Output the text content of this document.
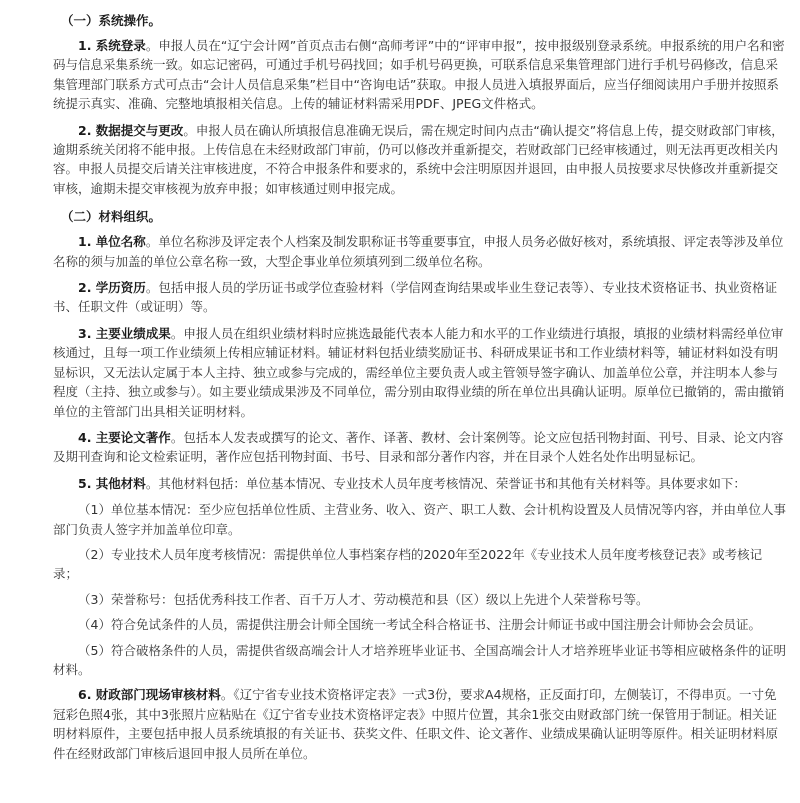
（一）系统操作。

1. 系统登录。申报人员在“辽宁会计网”首页点击右侧“高师考评”中的“评审申报”，按申报级别登录系统。申报系统的用户名和密码与信息采集系统一致。如忘记密码，可通过手机号码找回；如手机号码更换，可联系信息采集管理部门进行手机号码修改，信息采集管理部门联系方式可点击“会计人员信息采集”栏目中“咨询电话”获取。申报人员进入填报界面后，应当仔细阅读用户手册并按照系统提示真实、准确、完整地填报相关信息。上传的辅证材料需采用PDF、JPEG文件格式。

2. 数据提交与更改。申报人员在确认所填报信息准确无误后，需在规定时间内点击“确认提交”将信息上传，提交财政部门审核，逾期系统关闭将不能申报。上传信息在未经财政部门审前，仍可以修改并重新提交，若财政部门已经审核通过，则无法再更改相关内容。申报人员提交后请关注审核进度，不符合申报条件和要求的，系统中会注明原因并退回，由申报人员按要求尽快修改并重新提交审核，逾期未提交审核视为放弃申报；如审核通过则申报完成。

（二）材料组织。

1. 单位名称。单位名称涉及评定表个人档案及制发职称证书等重要事宜，申报人员务必做好核对，系统填报、评定表等涉及单位名称的须与加盖的单位公章名称一致，大型企事业单位须填列到二级单位名称。

2. 学历资历。包括申报人员的学历证书或学位查验材料（学信网查询结果或毕业生登记表等）、专业技术资格证书、执业资格证书、任职文件（或证明）等。

3. 主要业绩成果。申报人员在组织业绩材料时应挑选最能代表本人能力和水平的工作业绩进行填报，填报的业绩材料需经单位审核通过，且每一项工作业绩须上传相应辅证材料。辅证材料包括业绩奖励证书、科研成果证书和工作业绩材料等，辅证材料如没有明显标识，又无法认定属于本人主持、独立或参与完成的，需经单位主要负责人或主管领导签字确认、加盖单位公章，并注明本人参与程度（主持、独立或参与）。如主要业绩成果涉及不同单位，需分别由取得业绩的所在单位出具确认证明。原单位已撤销的，需由撤销单位的主管部门出具相关证明材料。

4. 主要论文著作。包括本人发表或撰写的论文、著作、译著、教材、会计案例等。论文应包括刊物封面、刊号、目录、论文内容及期刊查询和论文检索证明，著作应包括刊物封面、书号、目录和部分著作内容，并在目录个人姓名处作出明显标记。

5. 其他材料。其他材料包括：单位基本情况、专业技术人员年度考核情况、荣誉证书和其他有关材料等。具体要求如下：

（1）单位基本情况：至少应包括单位性质、主营业务、收入、资产、职工人数、会计机构设置及人员情况等内容，并由单位人事部门负责人签字并加盖单位印章。

（2）专业技术人员年度考核情况：需提供单位人事档案存档的2020年至2022年《专业技术人员年度考核登记表》或考核记录；

（3）荣誉称号：包括优秀科技工作者、百千万人才、劳动模范和县（区）级以上先进个人荣誉称号等。

（4）符合免试条件的人员，需提供注册会计师全国统一考试全科合格证书、注册会计师证书或中国注册会计师协会会员证。

（5）符合破格条件的人员，需提供省级高端会计人才培养班毕业证书、全国高端会计人才培养班毕业证书等相应破格条件的证明材料。

6. 财政部门现场审核材料。《辽宁省专业技术资格评定表》一式3份，要求A4规格，正反面打印，左侧装订，不得串页。一寸免冠彩色照4张，其中3张照片应粘贴在《辽宁省专业技术资格评定表》中照片位置，其余1张交由财政部门统一保管用于制证。相关证明材料原件，主要包括申报人员系统填报的有关证书、获奖文件、任职文件、论文著作、业绩成果确认证明等原件。相关证明材料原件在经财政部门审核后退回申报人员所在单位。
